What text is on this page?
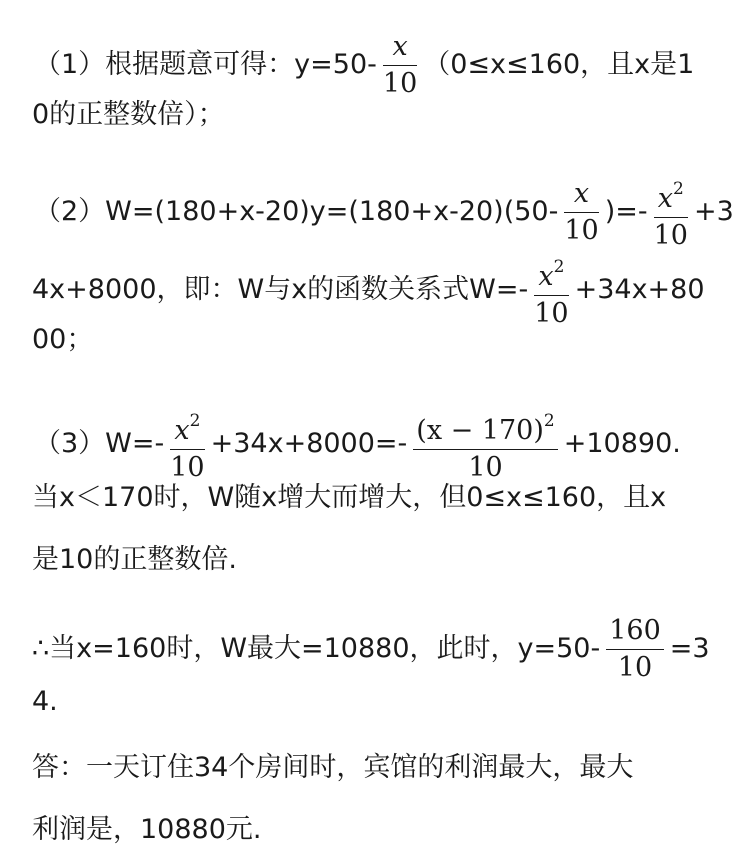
（1）根据题意可得：$y=50- \frac{x}{10} (0\le x\le 160$，且x是1
0的正整数倍）；
$(2)W=(180+x-20)y=(180+x-20)(50- \frac{x}{10}$ )=- $\frac{x^2}{10} +3$
4x+8000，即：W与x的函数关系式$W=- \frac{x^2}{10} +34x+80$
00；
$(3)W=- \frac{x^2}{10} +34x+8000=- \frac{(x - 170)^2}{10} +10890$.
当x＜170时，W随x增大而增大，但0≤x≤160，且x
是10的正整数倍.
∴当x=160时，W最大=10880，此时，$y=50- \frac{160}{10} =3$
4.
答：一天订住34个房间时，宾馆的利润最大，最大
利润是，10880元.
